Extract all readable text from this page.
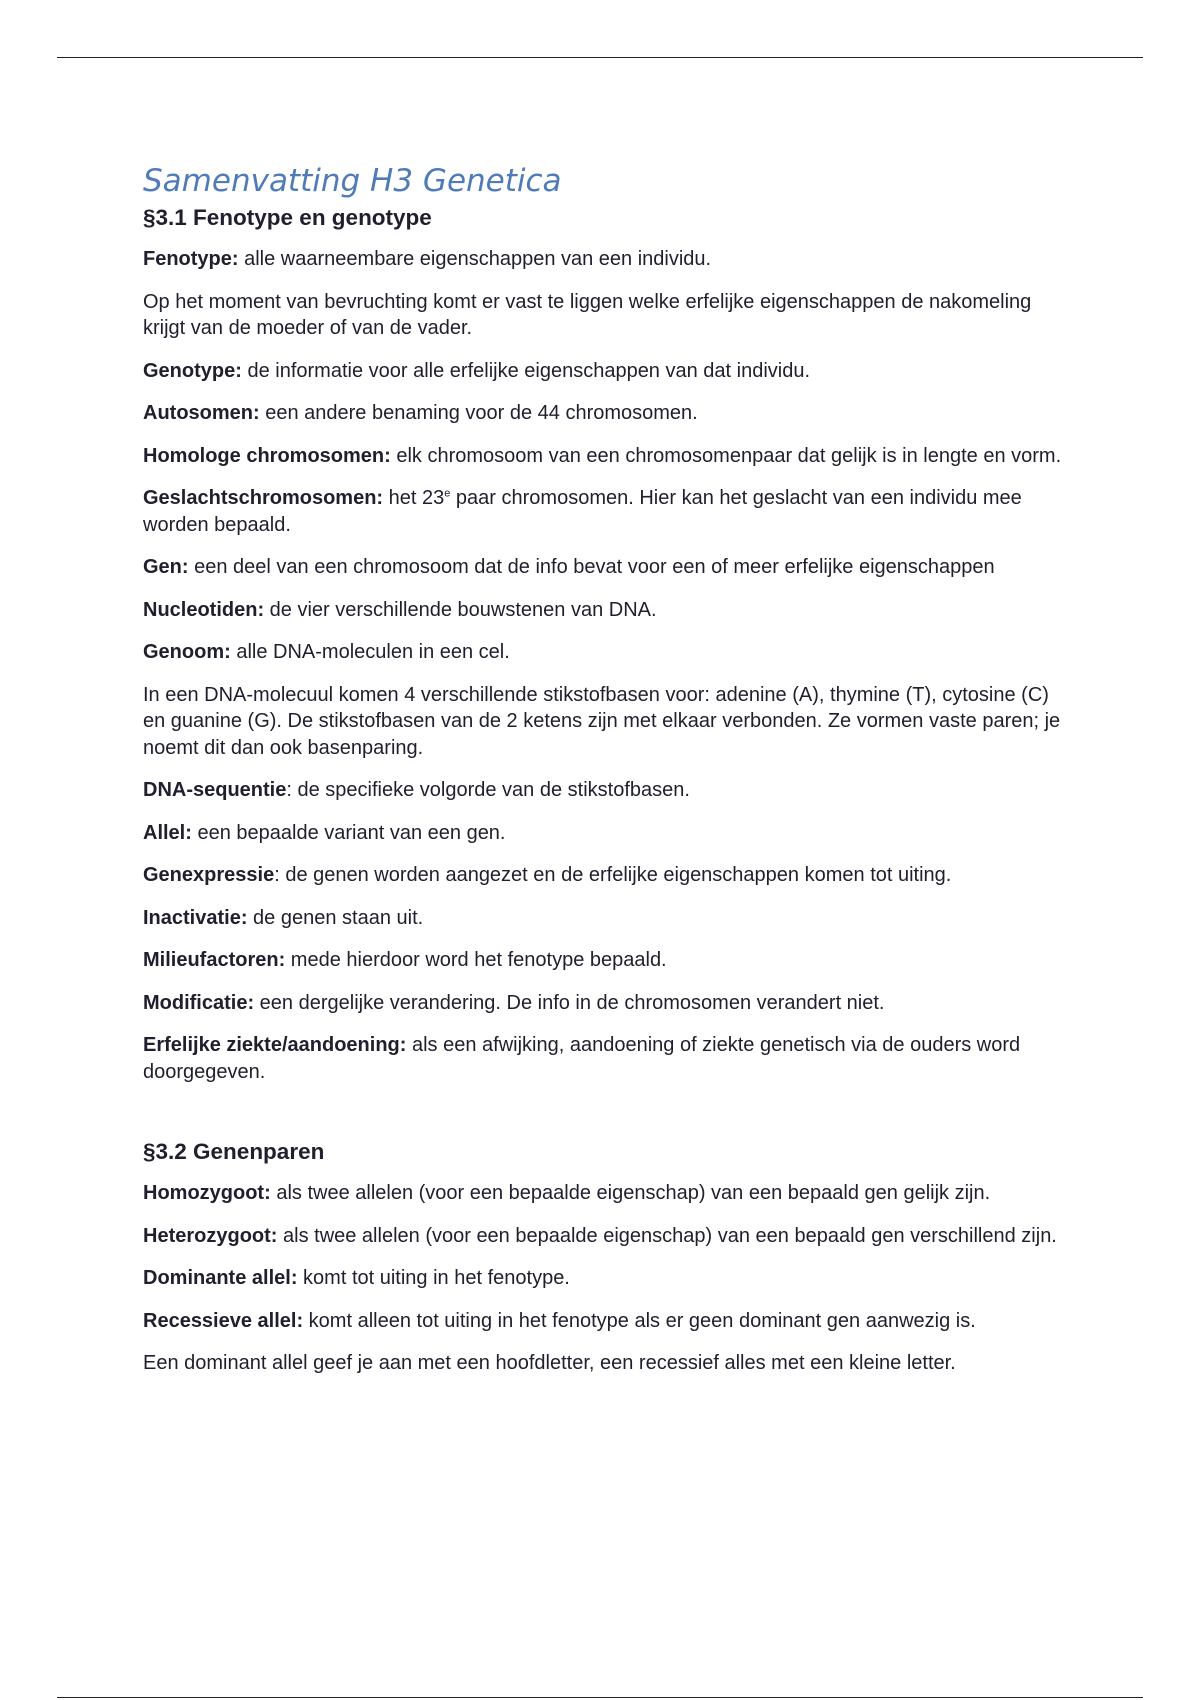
Samenvatting H3 Genetica
§3.1 Fenotype en genotype

Fenotype: alle waarneembare eigenschappen van een individu.

Op het moment van bevruchting komt er vast te liggen welke erfelijke eigenschappen de nakomeling krijgt van de moeder of van de vader.

Genotype: de informatie voor alle erfelijke eigenschappen van dat individu.

Autosomen: een andere benaming voor de 44 chromosomen.

Homologe chromosomen: elk chromosoom van een chromosomenpaar dat gelijk is in lengte en vorm.

Geslachtschromosomen: het 23e paar chromosomen. Hier kan het geslacht van een individu mee worden bepaald.

Gen: een deel van een chromosoom dat de info bevat voor een of meer erfelijke eigenschappen

Nucleotiden: de vier verschillende bouwstenen van DNA.

Genoom: alle DNA-moleculen in een cel.

In een DNA-molecuul komen 4 verschillende stikstofbasen voor: adenine (A), thymine (T), cytosine (C) en guanine (G). De stikstofbasen van de 2 ketens zijn met elkaar verbonden. Ze vormen vaste paren; je noemt dit dan ook basenparing.

DNA-sequentie: de specifieke volgorde van de stikstofbasen.

Allel: een bepaalde variant van een gen.

Genexpressie: de genen worden aangezet en de erfelijke eigenschappen komen tot uiting.

Inactivatie: de genen staan uit.

Milieufactoren: mede hierdoor word het fenotype bepaald.

Modificatie: een dergelijke verandering. De info in de chromosomen verandert niet.

Erfelijke ziekte/aandoening: als een afwijking, aandoening of ziekte genetisch via de ouders word doorgegeven.

§3.2 Genenparen

Homozygoot: als twee allelen (voor een bepaalde eigenschap) van een bepaald gen gelijk zijn.

Heterozygoot: als twee allelen (voor een bepaalde eigenschap) van een bepaald gen verschillend zijn.

Dominante allel: komt tot uiting in het fenotype.

Recessieve allel: komt alleen tot uiting in het fenotype als er geen dominant gen aanwezig is.

Een dominant allel geef je aan met een hoofdletter, een recessief alles met een kleine letter.
